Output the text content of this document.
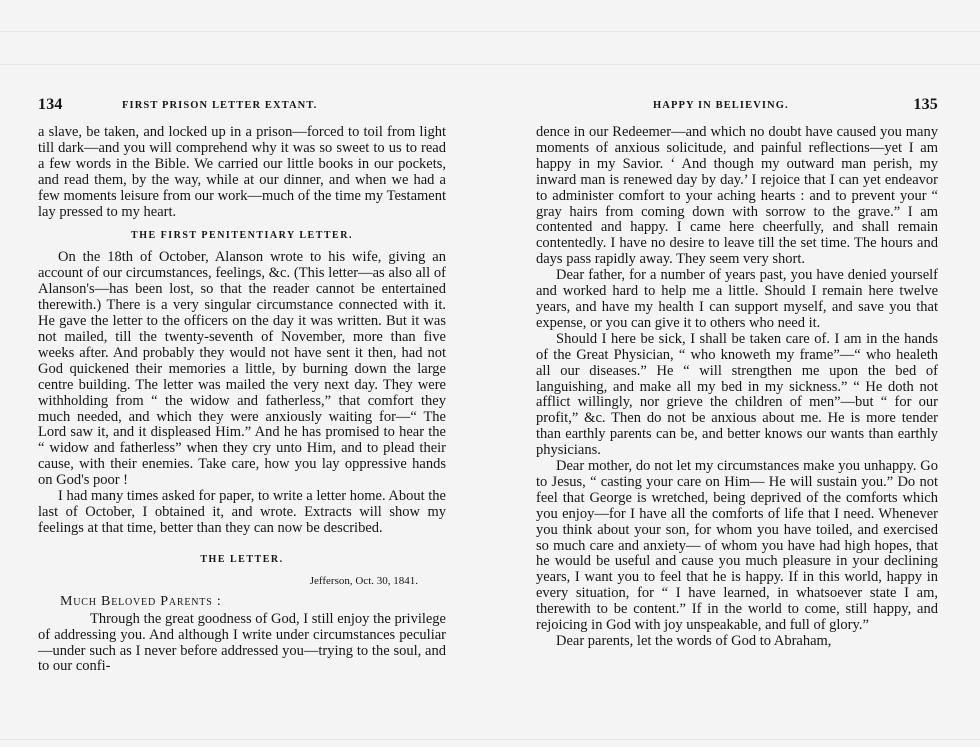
134	FIRST PRISON LETTER EXTANT.

a slave, be taken, and locked up in a prison—forced to toil from light till dark—and you will comprehend why it was so sweet to us to read a few words in the Bible. We carried our little books in our pockets, and read them, by the way, while at our dinner, and when we had a few moments leisure from our work—much of the time my Testament lay pressed to my heart.

THE FIRST PENITENTIARY LETTER.

On the 18th of October, Alanson wrote to his wife, giving an account of our circumstances, feelings, &c. (This letter—as also all of Alanson's—has been lost, so that the reader cannot be entertained therewith.) There is a very singular circumstance connected with it. He gave the letter to the officers on the day it was written. But it was not mailed, till the twenty-seventh of November, more than five weeks after. And probably they would not have sent it then, had not God quickened their memories a little, by burning down the large centre building. The letter was mailed the very next day. They were withholding from “ the widow and fatherless,” that comfort they much needed, and which they were anxiously waiting for—“ The Lord saw it, and it displeased Him.” And he has promised to hear the “ widow and fatherless” when they cry unto Him, and to plead their cause, with their enemies. Take care, how you lay oppressive hands on God's poor !

I had many times asked for paper, to write a letter home. About the last of October, I obtained it, and wrote. Extracts will show my feelings at that time, better than they can now be described.

THE LETTER.
Jefferson, Oct. 30, 1841.
Much Beloved Parents :

Through the great goodness of God, I still enjoy the privilege of addressing you. And although I write under circumstances peculiar—under such as I never before addressed you—trying to the soul, and to our confi-

HAPPY IN BELIEVING.	135

dence in our Redeemer—and which no doubt have caused you many moments of anxious solicitude, and painful reflections—yet I am happy in my Savior. ‘ And though my outward man perish, my inward man is renewed day by day.’ I rejoice that I can yet endeavor to administer comfort to your aching hearts : and to prevent your “ gray hairs from coming down with sorrow to the grave.” I am contented and happy. I came here cheerfully, and shall remain contentedly. I have no desire to leave till the set time. The hours and days pass rapidly away. They seem very short.

Dear father, for a number of years past, you have denied yourself and worked hard to help me a little. Should I remain here twelve years, and have my health I can support myself, and save you that expense, or you can give it to others who need it.

Should I here be sick, I shall be taken care of. I am in the hands of the Great Physician, “ who knoweth my frame”—“ who healeth all our diseases.” He “ will strengthen me upon the bed of languishing, and make all my bed in my sickness.” “ He doth not afflict willingly, nor grieve the children of men”—but “ for our profit,” &c. Then do not be anxious about me. He is more tender than earthly parents can be, and better knows our wants than earthly physicians.

Dear mother, do not let my circumstances make you unhappy. Go to Jesus, “ casting your care on Him— He will sustain you.” Do not feel that George is wretched, being deprived of the comforts which you enjoy—for I have all the comforts of life that I need. Whenever you think about your son, for whom you have toiled, and exercised so much care and anxiety— of whom you have had high hopes, that he would be useful and cause you much pleasure in your declining years, I want you to feel that he is happy. If in this world, happy in every situation, for “ I have learned, in whatsoever state I am, therewith to be content.” If in the world to come, still happy, and rejoicing in God with joy unspeakable, and full of glory.”

Dear parents, let the words of God to Abraham,
